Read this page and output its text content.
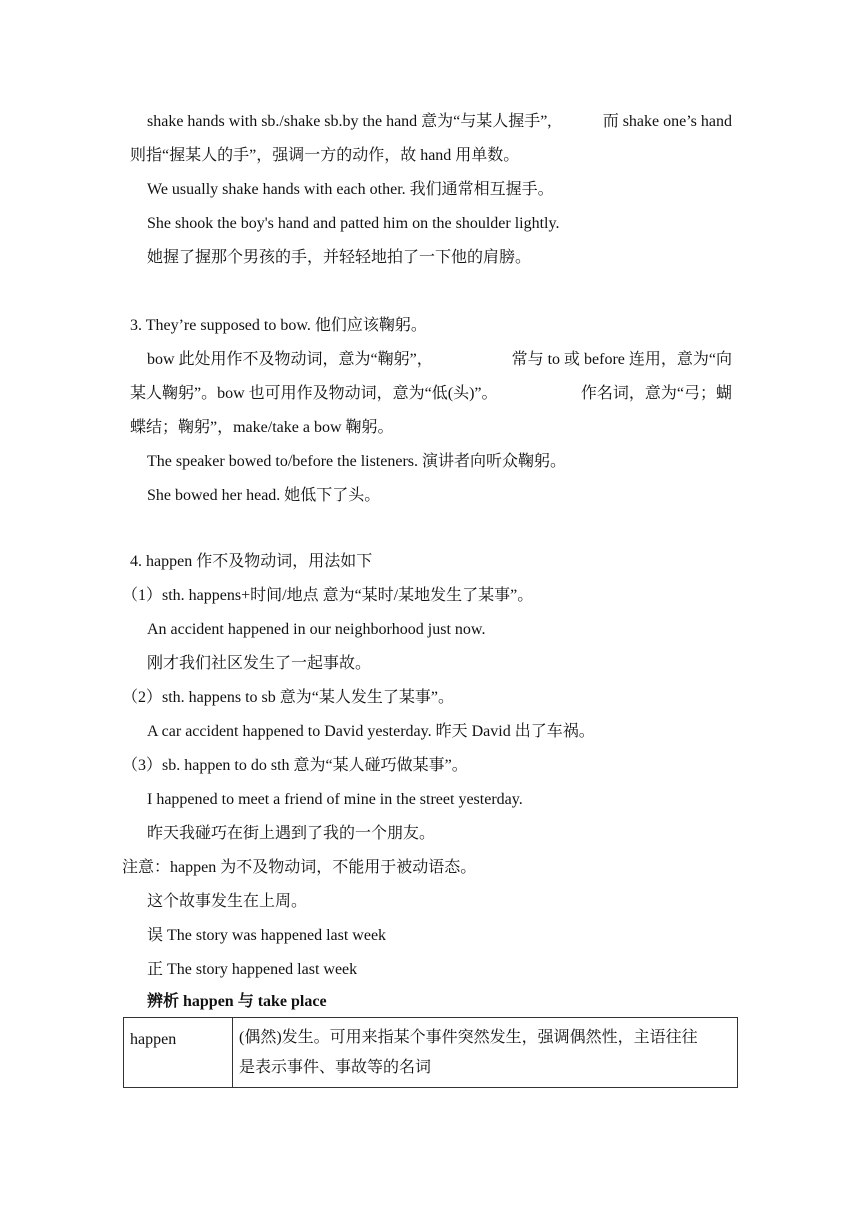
shake hands with sb./shake sb.by the hand 意为“与某人握手”,	而 shake one’s hand
则指“握某人的手”，强调一方的动作，故 hand 用单数。
We usually shake hands with each other. 我们通常相互握手。
She shook the boy's hand and patted him on the shoulder lightly.
她握了握那个男孩的手，并轻轻地拍了一下他的肩膀。
3. They’re supposed to bow. 他们应该鞠躬。
bow 此处用作不及物动词，意为“鞠躬”，	常与 to 或 before 连用，意为“向
某人鞠躬”。bow 也可用作及物动词，意为“低(头)”。	作名词，意为“弓；蝴
蝶结；鞠躬”，make/take a bow 鞠躬。
The speaker bowed to/before the listeners. 演讲者向听众鞠躬。
She bowed her head. 她低下了头。
4. happen 作不及物动词，用法如下
（1）sth. happens+时间/地点 意为“某时/某地发生了某事”。
An accident happened in our neighborhood just now.
刚才我们社区发生了一起事故。
（2）sth. happens to sb 意为“某人发生了某事”。
A car accident happened to David yesterday. 昨天 David 出了车祸。
（3）sb. happen to do sth 意为“某人碰巧做某事”。
I happened to meet a friend of mine in the street yesterday.
昨天我碰巧在街上遇到了我的一个朋友。
注意：happen 为不及物动词，不能用于被动语态。
这个故事发生在上周。
误 The story was happened last week
正 The story happened last week
辨析 happen 与 take place
happen	(偶然)发生。可用来指某个事件突然发生，强调偶然性，主语往往
是表示事件、事故等的名词
